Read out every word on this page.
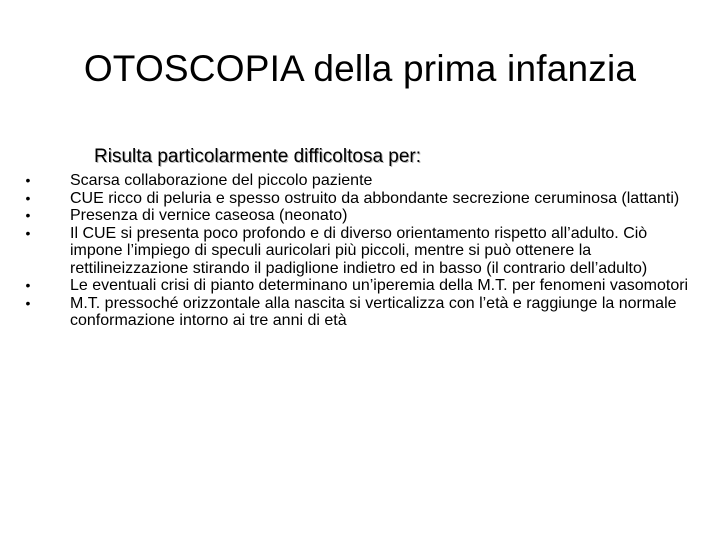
OTOSCOPIA della prima infanzia
Risulta particolarmente difficoltosa per:
• Scarsa collaborazione del piccolo paziente
• CUE ricco di peluria e spesso ostruito da abbondante secrezione ceruminosa (lattanti)
• Presenza di vernice caseosa (neonato)
• Il CUE si presenta poco profondo e di diverso orientamento rispetto all’adulto. Ciò impone l’impiego di speculi auricolari più piccoli, mentre si può ottenere la rettilineizzazione stirando il padiglione indietro ed in basso (il contrario dell’adulto)
• Le eventuali crisi di pianto determinano un’iperemia della M.T. per fenomeni vasomotori
• M.T. pressoché orizzontale alla nascita si verticalizza con l’età e raggiunge la normale conformazione intorno ai tre anni di età
